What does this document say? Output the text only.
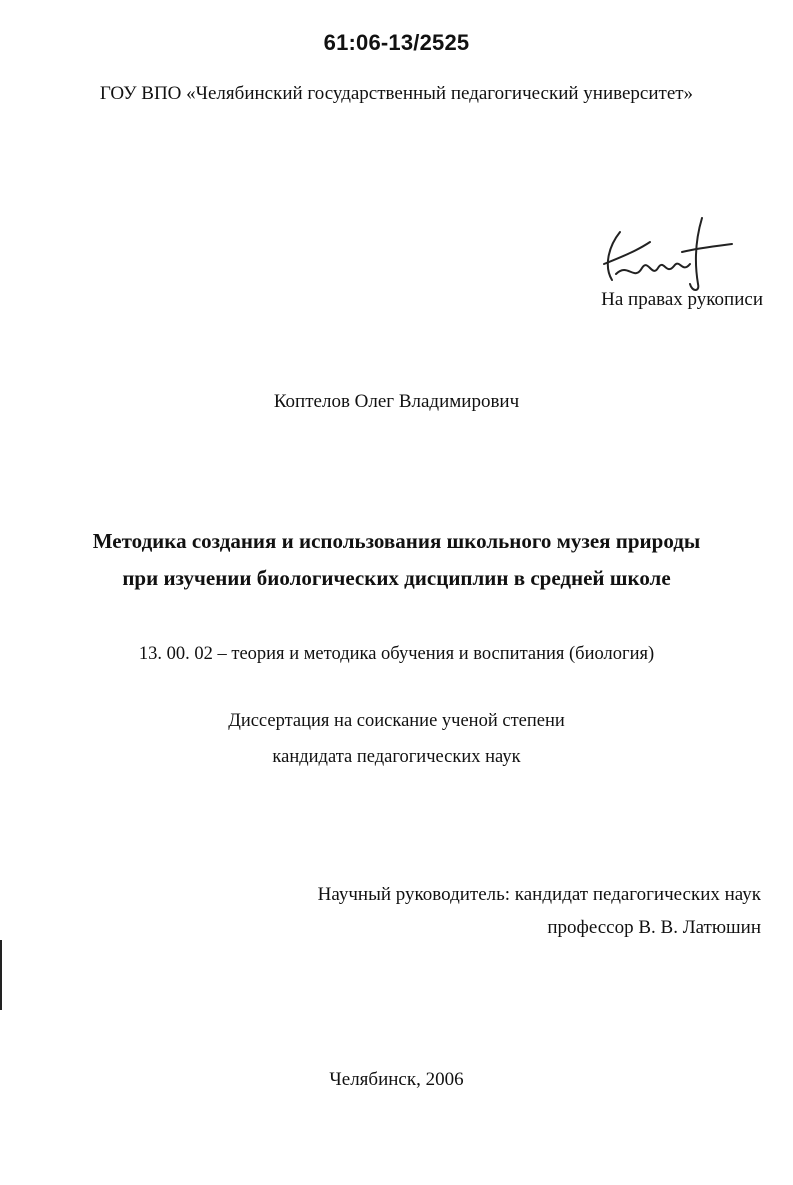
61:06-13/2525
ГОУ ВПО «Челябинский государственный педагогический университет»
На правах рукописи
Коптелов Олег Владимирович
Методика создания и использования школьного музея природы
при изучении биологических дисциплин в средней школе
13. 00. 02 – теория и методика обучения и воспитания (биология)
Диссертация на соискание ученой степени
кандидата педагогических наук
Научный руководитель: кандидат педагогических наук
профессор В. В. Латюшин
Челябинск, 2006
